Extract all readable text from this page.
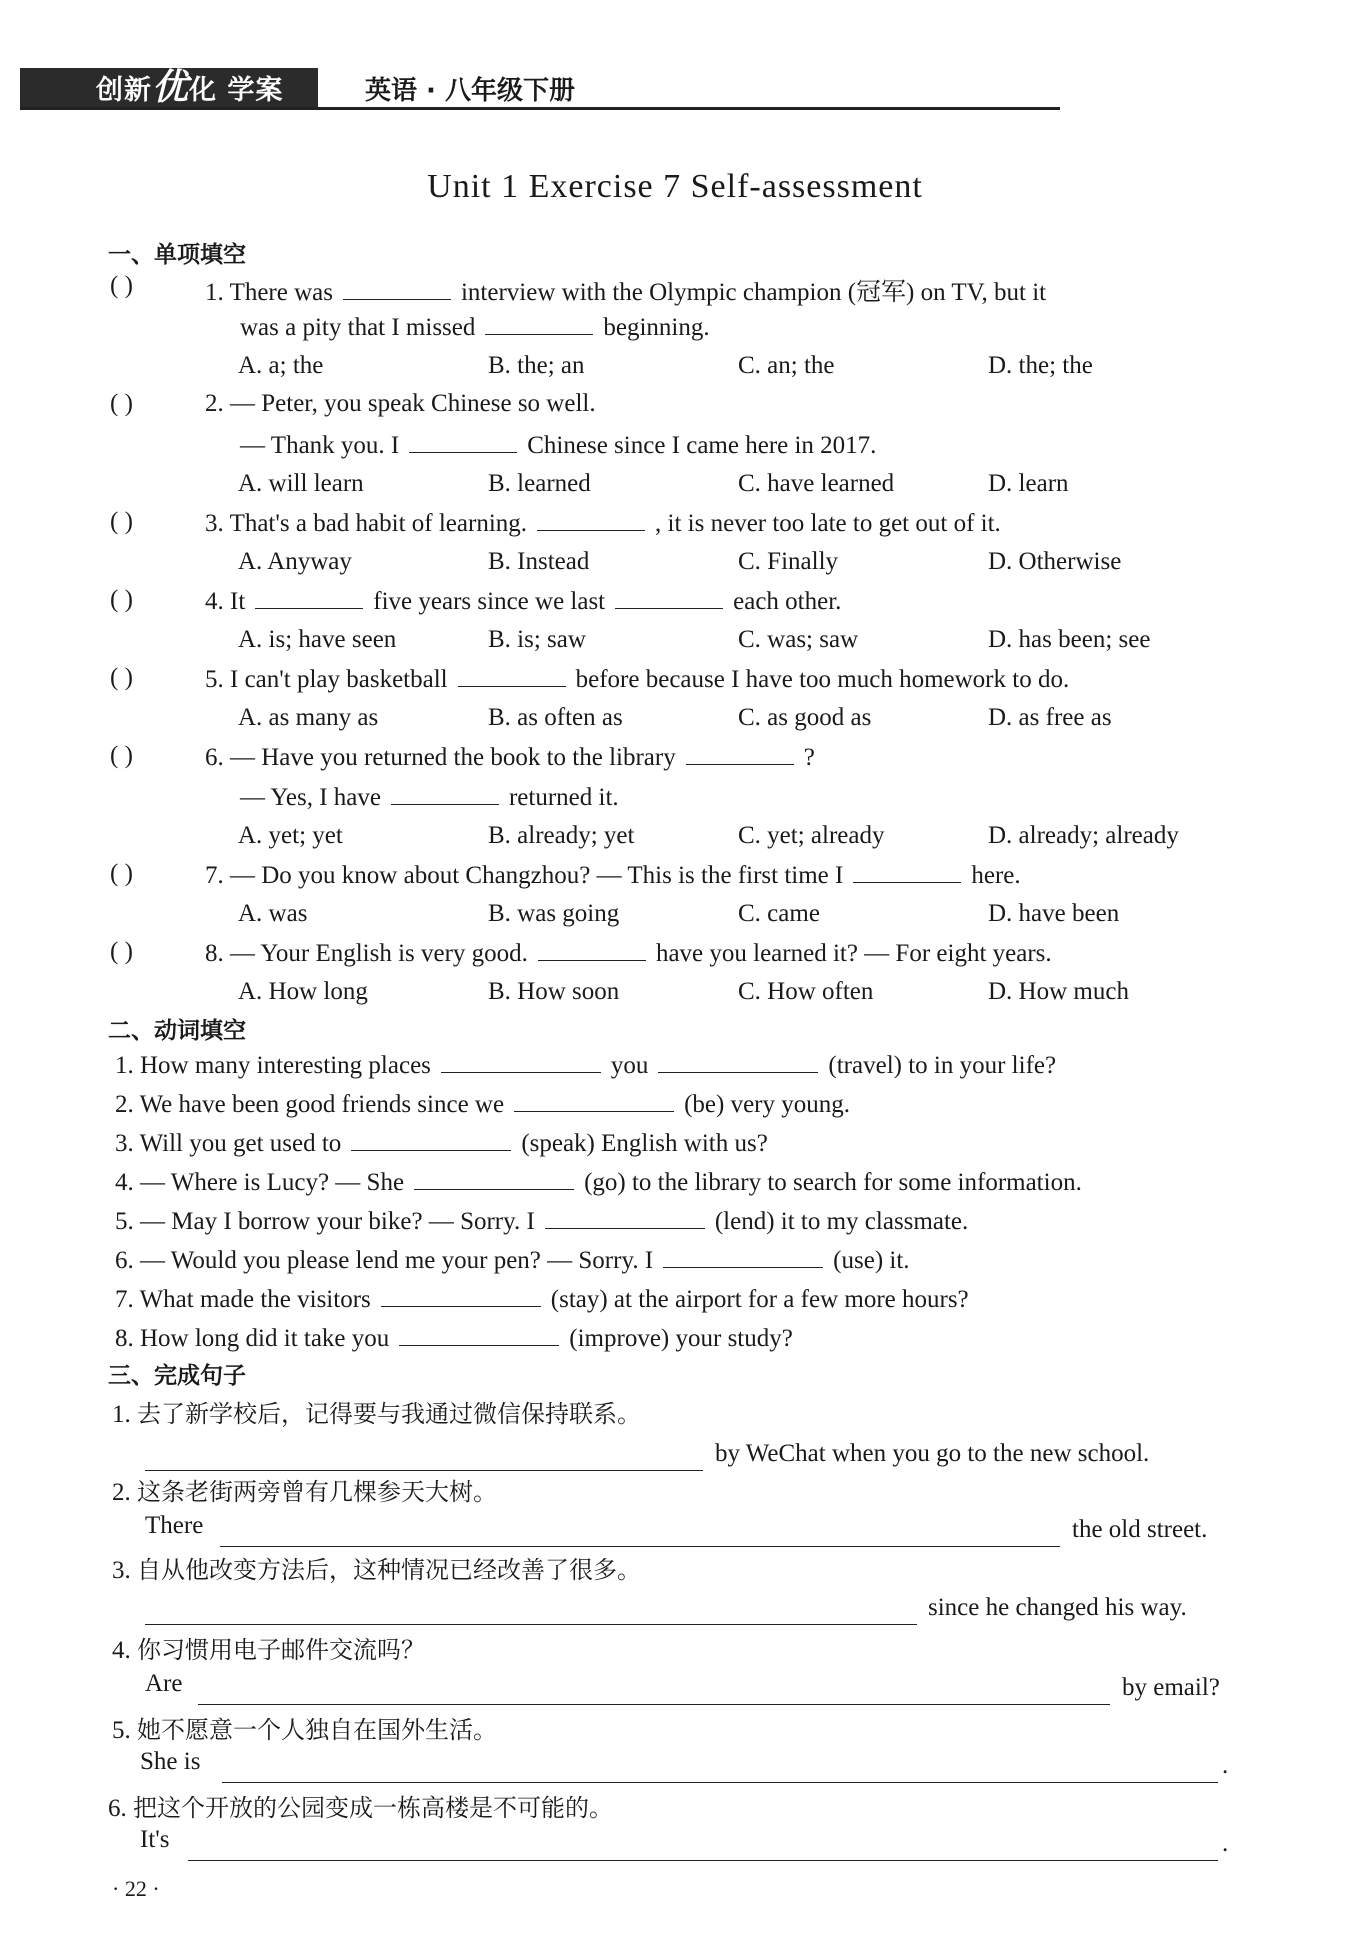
创新优化 学案	英语 · 八年级下册
Unit 1 Exercise 7 Self-assessment
一、单项填空
( )	1. There was	interview with the Olympic champion (冠军) on TV, but it
was a pity that I missed	beginning.
A. a; the	B. the; an	C. an; the	D. the; the
( )	2. — Peter, you speak Chinese so well.
— Thank you. I	Chinese since I came here in 2017.
A. will learn	B. learned	C. have learned	D. learn
( )	3. That's a bad habit of learning.	, it is never too late to get out of it.
A. Anyway	B. Instead	C. Finally	D. Otherwise
( )	4. It	five years since we last	each other.
A. is; have seen	B. is; saw	C. was; saw	D. has been; see
( )	5. I can't play basketball	before because I have too much homework to do.
A. as many as	B. as often as	C. as good as	D. as free as
( )	6. — Have you returned the book to the library	?
— Yes, I have	returned it.
A. yet; yet	B. already; yet	C. yet; already	D. already; already
( )	7. — Do you know about Changzhou? — This is the first time I	here.
A. was	B. was going	C. came	D. have been
( )	8. — Your English is very good.	have you learned it? — For eight years.
A. How long	B. How soon	C. How often	D. How much
二、动词填空
1. How many interesting places	you	(travel) to in your life?
2. We have been good friends since we	(be) very young.
3. Will you get used to	(speak) English with us?
4. — Where is Lucy? — She	(go) to the library to search for some information.
5. — May I borrow your bike? — Sorry. I	(lend) it to my classmate.
6. — Would you please lend me your pen? — Sorry. I	(use) it.
7. What made the visitors	(stay) at the airport for a few more hours?
8. How long did it take you	(improve) your study?
三、完成句子
1. 去了新学校后，记得要与我通过微信保持联系。
by WeChat when you go to the new school.
2. 这条老街两旁曾有几棵参天大树。
There	the old street.
3. 自从他改变方法后，这种情况已经改善了很多。
since he changed his way.
4. 你习惯用电子邮件交流吗？
Are	by email?
5. 她不愿意一个人独自在国外生活。
She is	.
6. 把这个开放的公园变成一栋高楼是不可能的。
It's	.
· 22 ·
